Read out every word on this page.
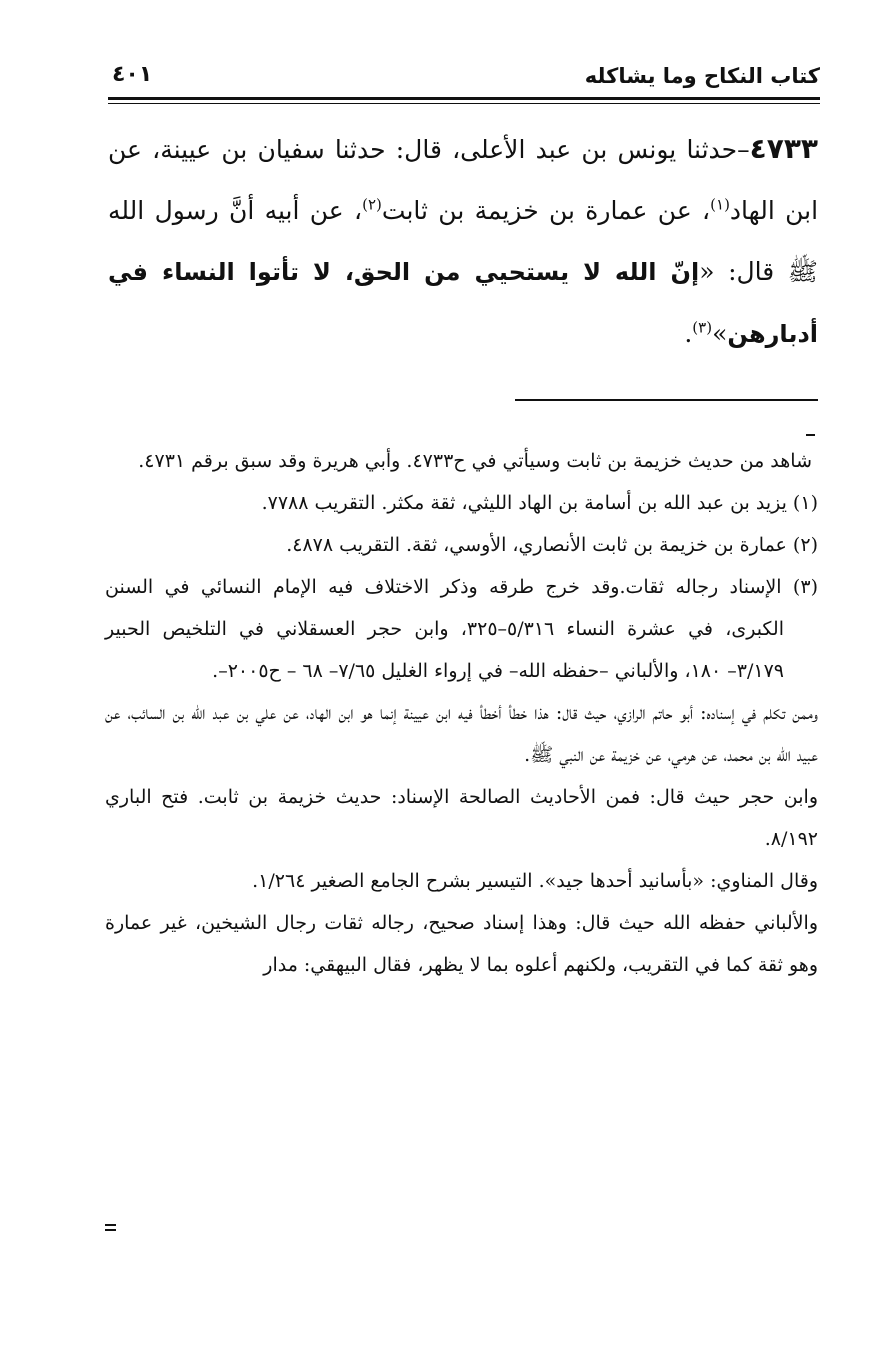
كتاب النكاح وما يشاكله
٤٠١
٤٧٣٣–حدثنا يونس بن عبد الأعلى، قال: حدثنا سفيان بن عيينة، عن ابن الهاد$^{(١)}$، عن عمارة بن خزيمة بن ثابت$^{(٢)}$، عن أبيه أنَّ رسول الله ﷺ قال: «إنّ الله لا يستحيي من الحق، لا تأتوا النساء في أدبارهن»$^{(٣)}$.

شاهد من حديث خزيمة بن ثابت وسيأتي في ح٤٧٣٣. وأبي هريرة وقد سبق برقم ٤٧٣١.

(١) يزيد بن عبد الله بن أسامة بن الهاد الليثي، ثقة مكثر. التقريب ٧٧٨٨.

(٢) عمارة بن خزيمة بن ثابت الأنصاري، الأوسي، ثقة. التقريب ٤٨٧٨.

(٣) الإسناد رجاله ثقات.وقد خرج طرقه وذكر الاختلاف فيه الإمام النسائي في السنن الكبرى، في عشرة النساء ٥/٣١٦–٣٢٥، وابن حجر العسقلاني في التلخيص الحبير ٣/١٧٩– ١٨٠، والألباني –حفظه الله– في إرواء الغليل ٧/٦٥– ٦٨ – ح٢٠٠٥–.

وممن تكلم في إسناده: أبو حاتم الرازي، حيث قال: هذا خطأ أخطأ فيه ابن عيينة إنما هو ابن الهاد، عن علي بن عبد الله بن السائب، عن عبيد الله بن محمد، عن هرمي، عن خزيمة عن النبي ﷺ.

وابن حجر حيث قال: فمن الأحاديث الصالحة الإسناد: حديث خزيمة بن ثابت. فتح الباري ٨/١٩٢.

وقال المناوي: «بأسانيد أحدها جيد». التيسير بشرح الجامع الصغير ١/٢٦٤.

والألباني حفظه الله حيث قال: وهذا إسناد صحيح، رجاله ثقات رجال الشيخين، غير عمارة وهو ثقة كما في التقريب، ولكنهم أعلوه بما لا يظهر، فقال البيهقي: مدار
